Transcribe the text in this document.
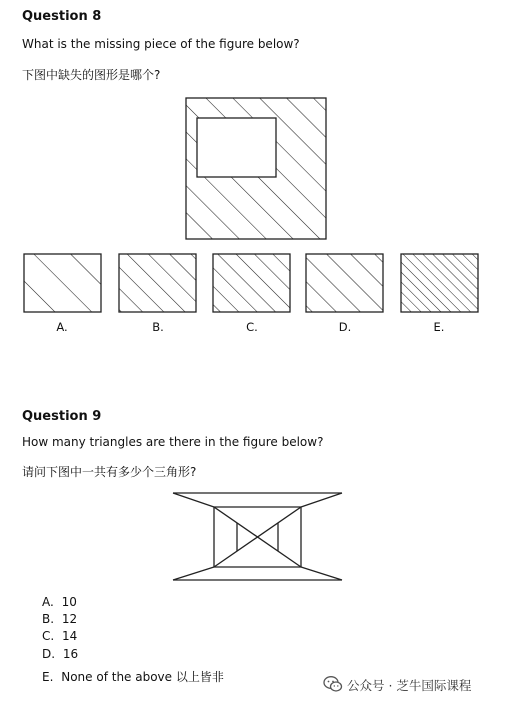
Question 8
What is the missing piece of the figure below?
下图中缺失的图形是哪个?
A.	B.	C.	D.	E.
Question 9
How many triangles are there in the figure below?
请问下图中一共有多少个三角形?
A. 10
B. 12
C. 14
D. 16
E. None of the above 以上皆非
公众号 · 芝牛国际课程
